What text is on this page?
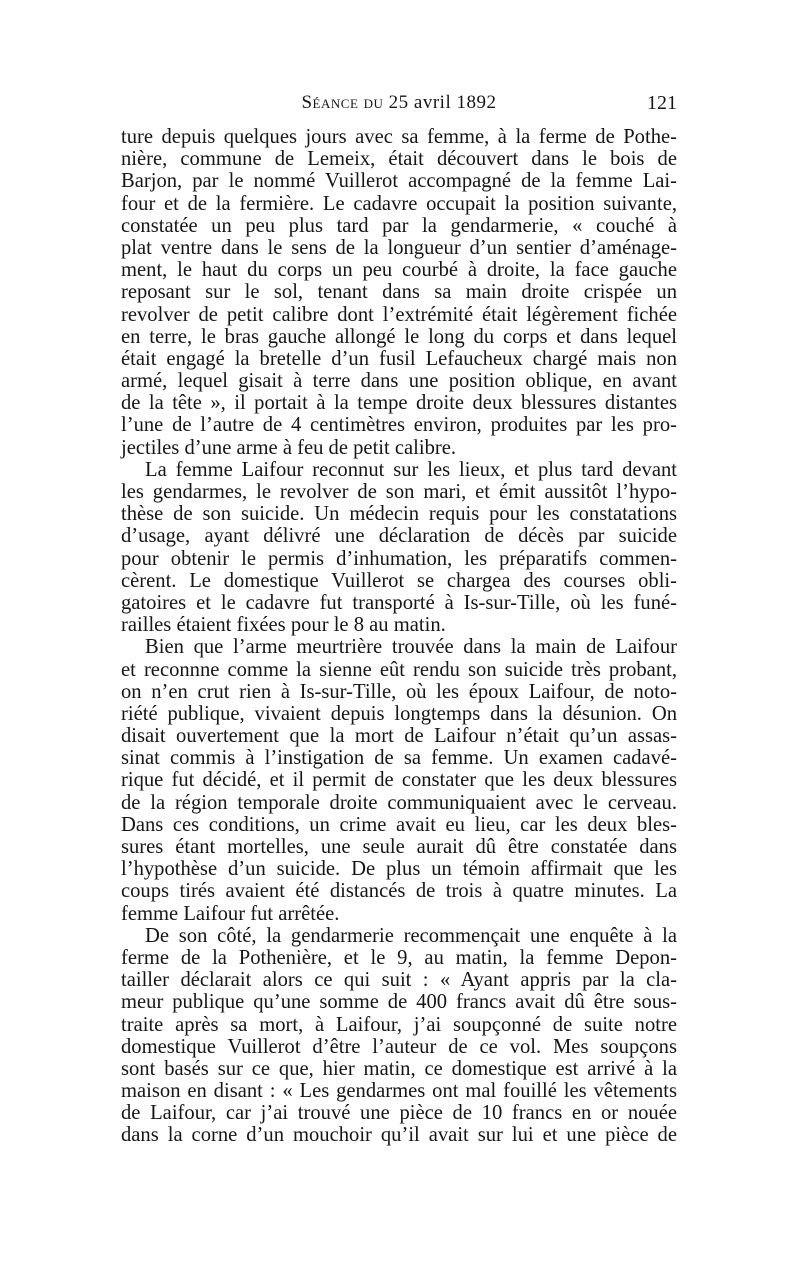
Séance du 25 avril 1892	121
ture depuis quelques jours avec sa femme, à la ferme de Pothe-
nière, commune de Lemeix, était découvert dans le bois de
Barjon, par le nommé Vuillerot accompagné de la femme Lai-
four et de la fermière. Le cadavre occupait la position suivante,
constatée un peu plus tard par la gendarmerie, « couché à
plat ventre dans le sens de la longueur d’un sentier d’aménage-
ment, le haut du corps un peu courbé à droite, la face gauche
reposant sur le sol, tenant dans sa main droite crispée un
revolver de petit calibre dont l’extrémité était légèrement fichée
en terre, le bras gauche allongé le long du corps et dans lequel
était engagé la bretelle d’un fusil Lefaucheux chargé mais non
armé, lequel gisait à terre dans une position oblique, en avant
de la tête », il portait à la tempe droite deux blessures distantes
l’une de l’autre de 4 centimètres environ, produites par les pro-
jectiles d’une arme à feu de petit calibre.
La femme Laifour reconnut sur les lieux, et plus tard devant
les gendarmes, le revolver de son mari, et émit aussitôt l’hypo-
thèse de son suicide. Un médecin requis pour les constatations
d’usage, ayant délivré une déclaration de décès par suicide
pour obtenir le permis d’inhumation, les préparatifs commen-
cèrent. Le domestique Vuillerot se chargea des courses obli-
gatoires et le cadavre fut transporté à Is-sur-Tille, où les funé-
railles étaient fixées pour le 8 au matin.
Bien que l’arme meurtrière trouvée dans la main de Laifour
et reconnne comme la sienne eût rendu son suicide très probant,
on n’en crut rien à Is-sur-Tille, où les époux Laifour, de noto-
riété publique, vivaient depuis longtemps dans la désunion. On
disait ouvertement que la mort de Laifour n’était qu’un assas-
sinat commis à l’instigation de sa femme. Un examen cadavé-
rique fut décidé, et il permit de constater que les deux blessures
de la région temporale droite communiquaient avec le cerveau.
Dans ces conditions, un crime avait eu lieu, car les deux bles-
sures étant mortelles, une seule aurait dû être constatée dans
l’hypothèse d’un suicide. De plus un témoin affirmait que les
coups tirés avaient été distancés de trois à quatre minutes. La
femme Laifour fut arrêtée.
De son côté, la gendarmerie recommençait une enquête à la
ferme de la Pothenière, et le 9, au matin, la femme Depon-
tailler déclarait alors ce qui suit : « Ayant appris par la cla-
meur publique qu’une somme de 400 francs avait dû être sous-
traite après sa mort, à Laifour, j’ai soupçonné de suite notre
domestique Vuillerot d’être l’auteur de ce vol. Mes soupçons
sont basés sur ce que, hier matin, ce domestique est arrivé à la
maison en disant : « Les gendarmes ont mal fouillé les vêtements
de Laifour, car j’ai trouvé une pièce de 10 francs en or nouée
dans la corne d’un mouchoir qu’il avait sur lui et une pièce de
